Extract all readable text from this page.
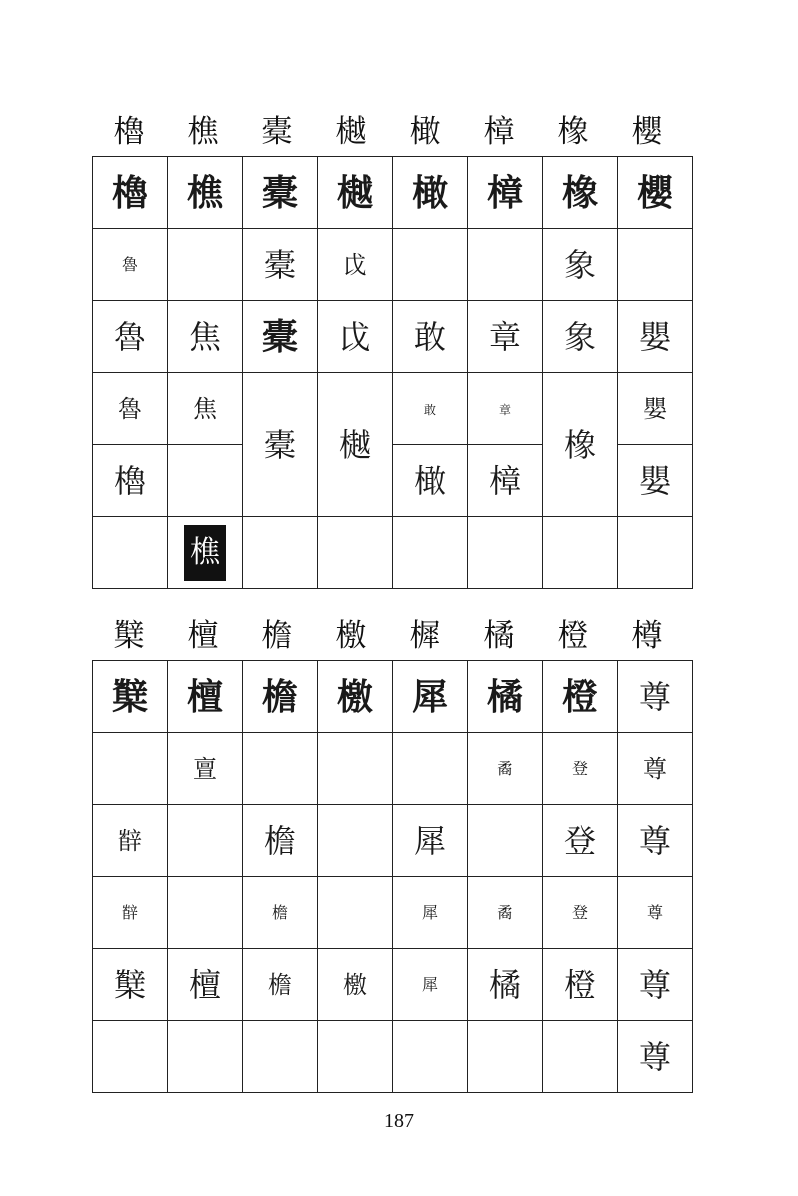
櫓	樵	橐	樾	橄	樟	橡	櫻
櫓	樵	橐	樾	橄	樟	橡	櫻
魯		橐	戉			象	
魯	焦	橐	戉	敢	章	象	嬰
魯	焦	橐	樾	敢	章	橡	嬰
櫓				橄	樟		嬰
	樵						
櫱	檀	檐	檄	樨	橘	橙	樽
櫱	檀	檐	檄	犀	橘	橙	尊
	亶				矞	登	尊
辥		檐		犀		登	尊
辥		檐		犀	矞	登	尊
櫱	檀	檐	檄	犀	橘	橙	尊
							尊
187
